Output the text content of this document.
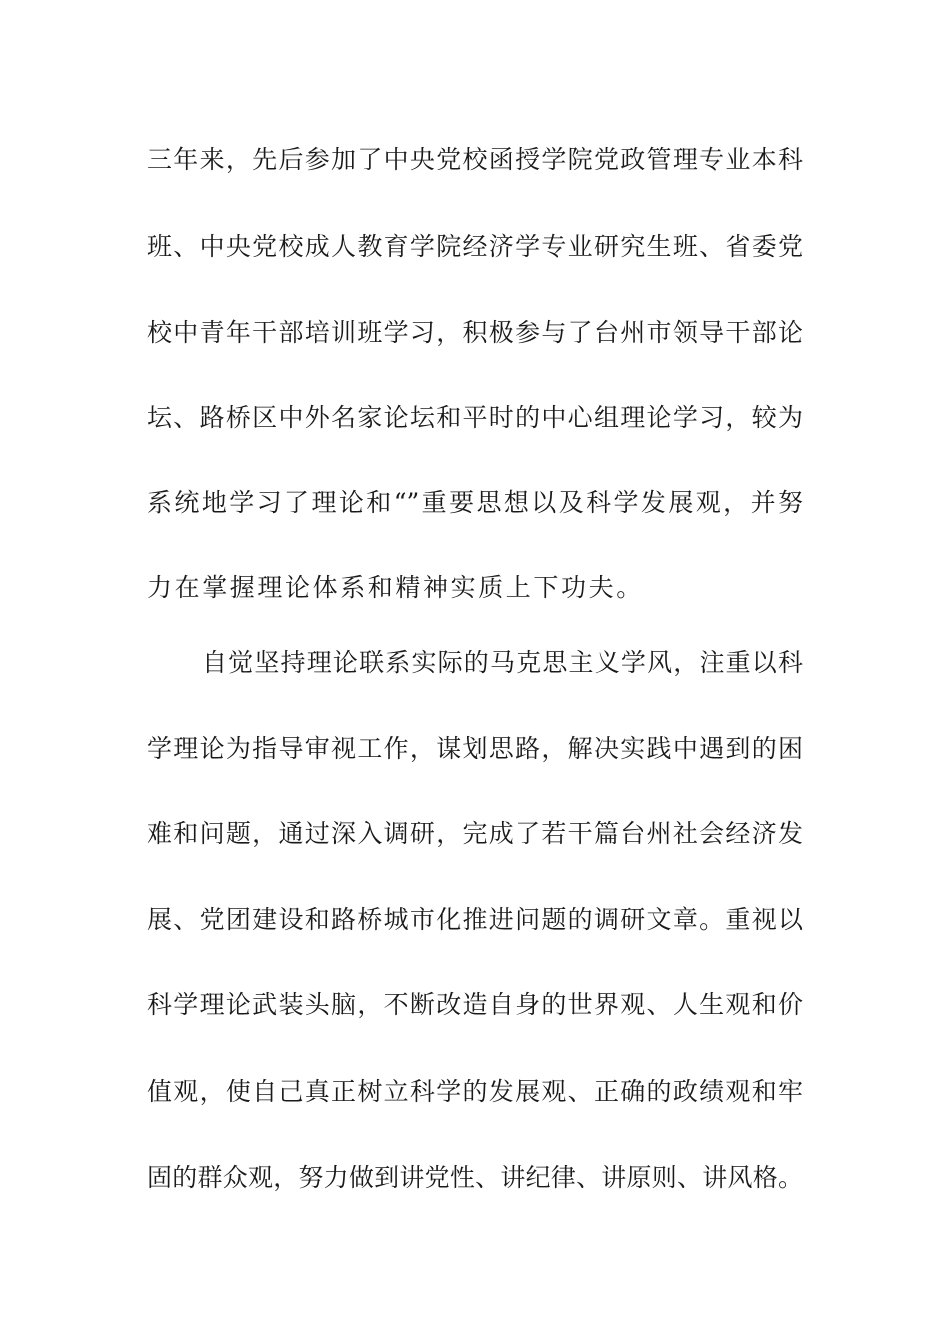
三年来，先后参加了中央党校函授学院党政管理专业本科
班、中央党校成人教育学院经济学专业研究生班、省委党
校中青年干部培训班学习，积极参与了台州市领导干部论
坛、路桥区中外名家论坛和平时的中心组理论学习，较为
系统地学习了理论和“”重要思想以及科学发展观，并努
力在掌握理论体系和精神实质上下功夫。
自觉坚持理论联系实际的马克思主义学风，注重以科
学理论为指导审视工作，谋划思路，解决实践中遇到的困
难和问题，通过深入调研，完成了若干篇台州社会经济发
展、党团建设和路桥城市化推进问题的调研文章。重视以
科学理论武装头脑，不断改造自身的世界观、人生观和价
值观，使自己真正树立科学的发展观、正确的政绩观和牢
固的群众观，努力做到讲党性、讲纪律、讲原则、讲风格。
